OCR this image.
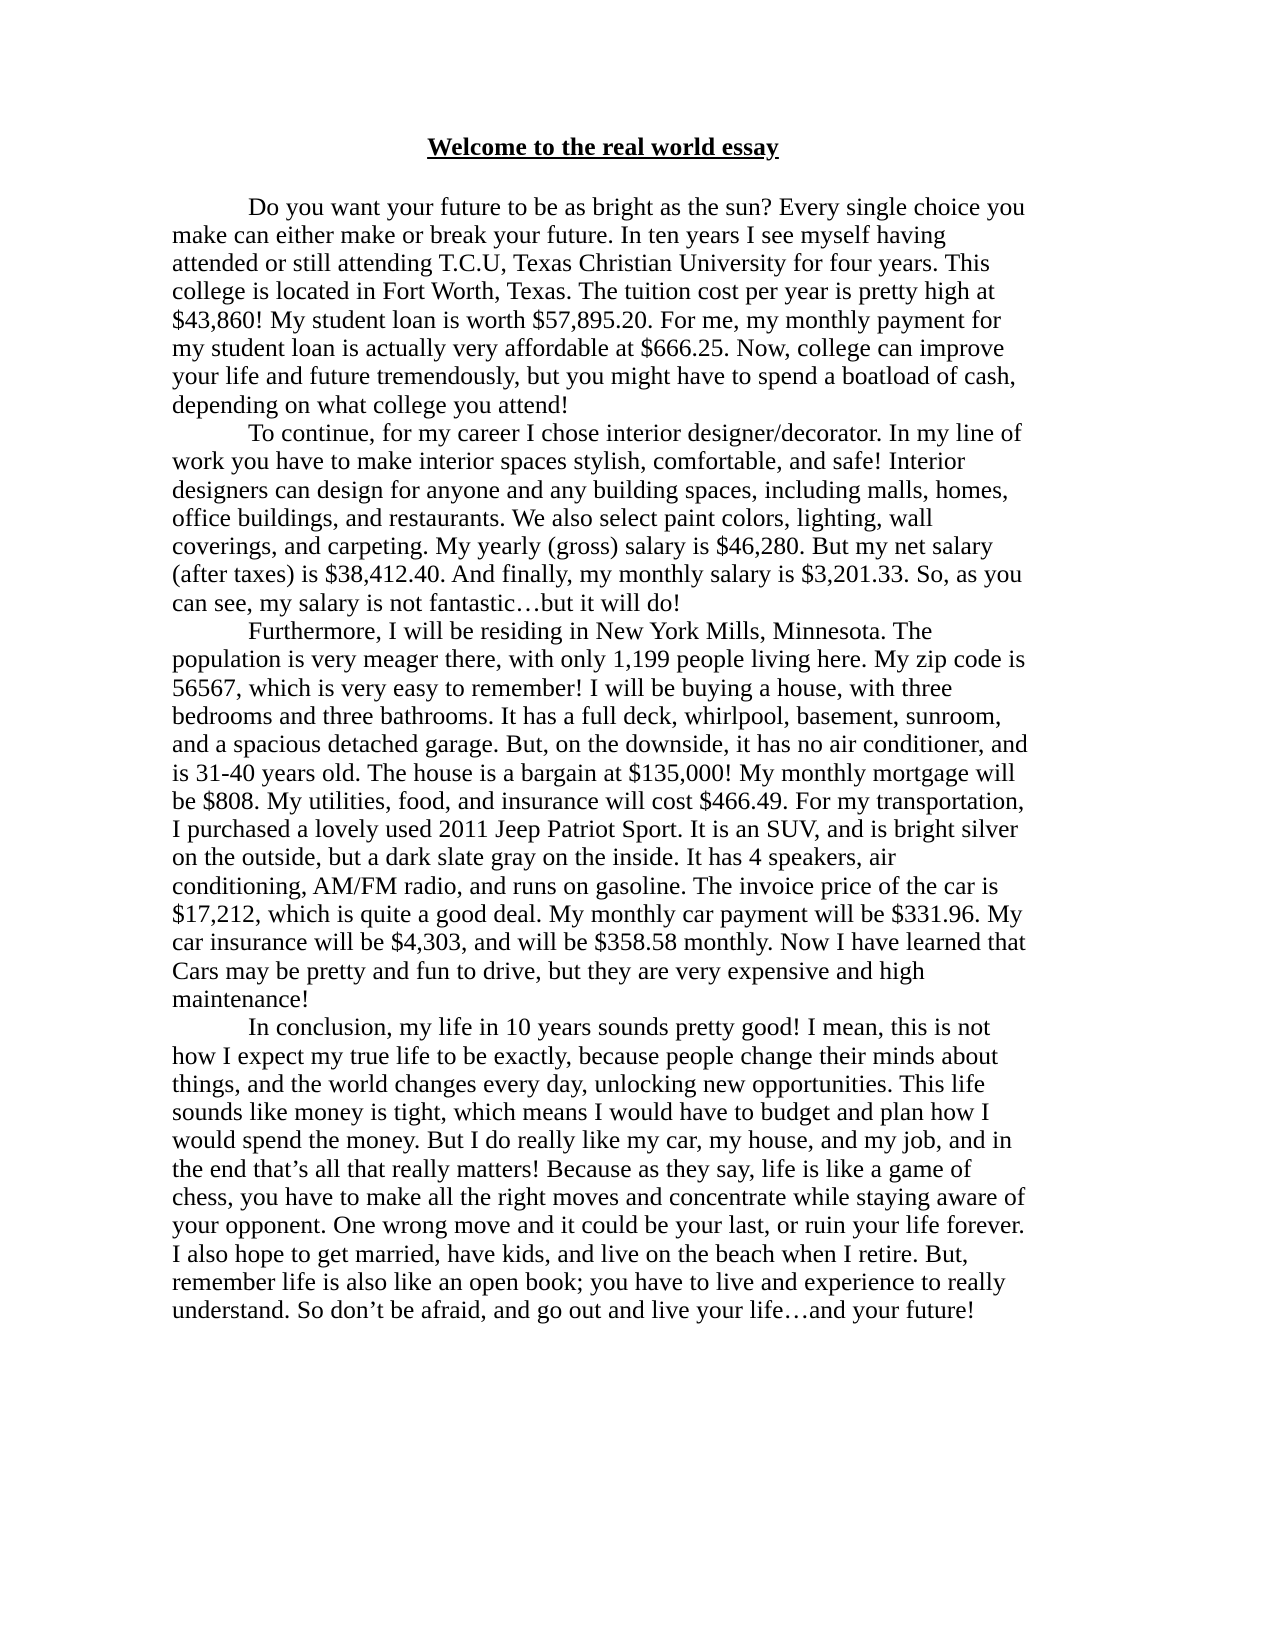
Welcome to the real world essay

Do you want your future to be as bright as the sun? Every single choice you make can either make or break your future. In ten years I see myself having attended or still attending T.C.U, Texas Christian University for four years. This college is located in Fort Worth, Texas. The tuition cost per year is pretty high at $43,860! My student loan is worth $57,895.20. For me, my monthly payment for my student loan is actually very affordable at $666.25. Now, college can improve your life and future tremendously, but you might have to spend a boatload of cash, depending on what college you attend!

To continue, for my career I chose interior designer/decorator. In my line of work you have to make interior spaces stylish, comfortable, and safe! Interior designers can design for anyone and any building spaces, including malls, homes, office buildings, and restaurants. We also select paint colors, lighting, wall coverings, and carpeting. My yearly (gross) salary is $46,280. But my net salary (after taxes) is $38,412.40. And finally, my monthly salary is $3,201.33. So, as you can see, my salary is not fantastic…but it will do!

Furthermore, I will be residing in New York Mills, Minnesota. The population is very meager there, with only 1,199 people living here. My zip code is 56567, which is very easy to remember! I will be buying a house, with three bedrooms and three bathrooms. It has a full deck, whirlpool, basement, sunroom, and a spacious detached garage. But, on the downside, it has no air conditioner, and is 31-40 years old. The house is a bargain at $135,000! My monthly mortgage will be $808. My utilities, food, and insurance will cost $466.49. For my transportation, I purchased a lovely used 2011 Jeep Patriot Sport. It is an SUV, and is bright silver on the outside, but a dark slate gray on the inside. It has 4 speakers, air conditioning, AM/FM radio, and runs on gasoline. The invoice price of the car is $17,212, which is quite a good deal. My monthly car payment will be $331.96. My car insurance will be $4,303, and will be $358.58 monthly. Now I have learned that Cars may be pretty and fun to drive, but they are very expensive and high maintenance!

In conclusion, my life in 10 years sounds pretty good! I mean, this is not how I expect my true life to be exactly, because people change their minds about things, and the world changes every day, unlocking new opportunities. This life sounds like money is tight, which means I would have to budget and plan how I would spend the money. But I do really like my car, my house, and my job, and in the end that’s all that really matters! Because as they say, life is like a game of chess, you have to make all the right moves and concentrate while staying aware of your opponent. One wrong move and it could be your last, or ruin your life forever. I also hope to get married, have kids, and live on the beach when I retire. But, remember life is also like an open book; you have to live and experience to really understand. So don’t be afraid, and go out and live your life…and your future!
